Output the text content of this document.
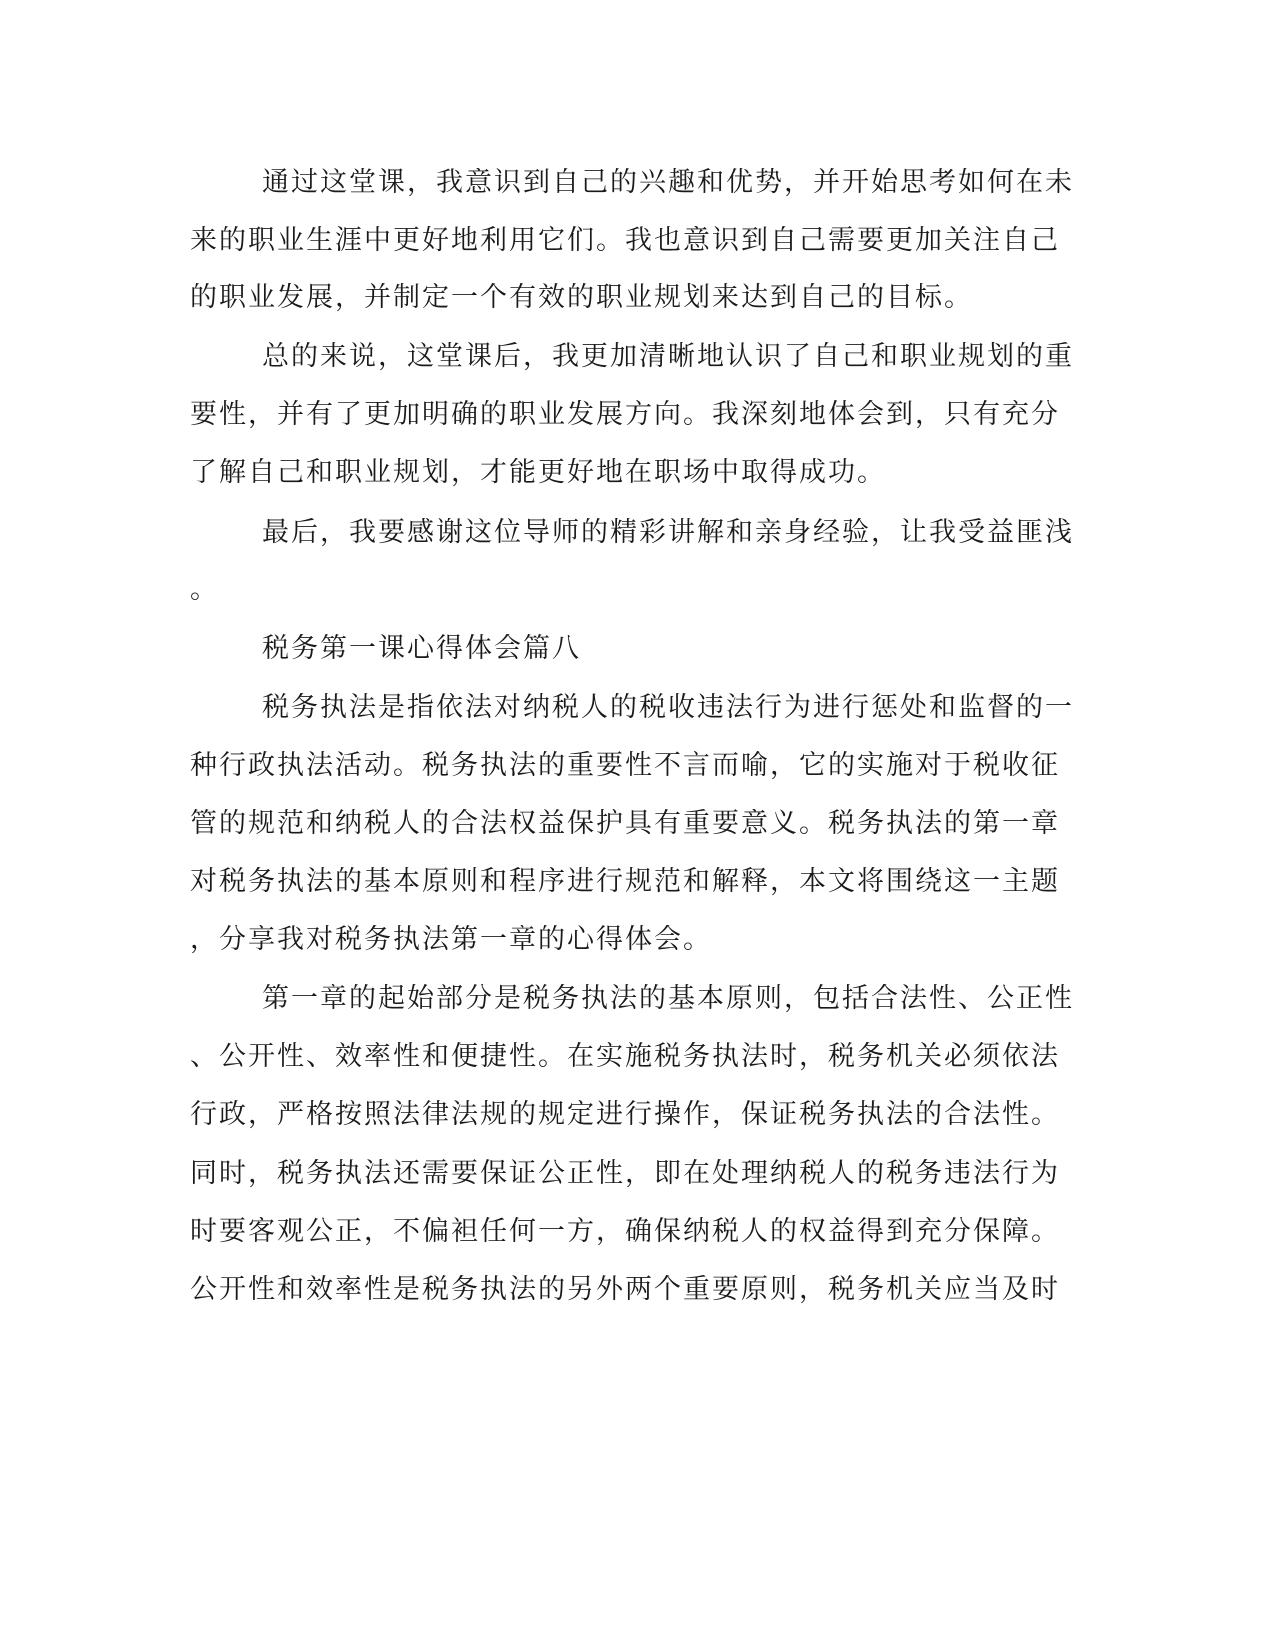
通过这堂课，我意识到自己的兴趣和优势，并开始思考如何在未
来的职业生涯中更好地利用它们。我也意识到自己需要更加关注自己
的职业发展，并制定一个有效的职业规划来达到自己的目标。
总的来说，这堂课后，我更加清晰地认识了自己和职业规划的重
要性，并有了更加明确的职业发展方向。我深刻地体会到，只有充分
了解自己和职业规划，才能更好地在职场中取得成功。
最后，我要感谢这位导师的精彩讲解和亲身经验，让我受益匪浅
。
税务第一课心得体会篇八
税务执法是指依法对纳税人的税收违法行为进行惩处和监督的一
种行政执法活动。税务执法的重要性不言而喻，它的实施对于税收征
管的规范和纳税人的合法权益保护具有重要意义。税务执法的第一章
对税务执法的基本原则和程序进行规范和解释，本文将围绕这一主题
，分享我对税务执法第一章的心得体会。
第一章的起始部分是税务执法的基本原则，包括合法性、公正性
、公开性、效率性和便捷性。在实施税务执法时，税务机关必须依法
行政，严格按照法律法规的规定进行操作，保证税务执法的合法性。
同时，税务执法还需要保证公正性，即在处理纳税人的税务违法行为
时要客观公正，不偏袒任何一方，确保纳税人的权益得到充分保障。
公开性和效率性是税务执法的另外两个重要原则，税务机关应当及时
